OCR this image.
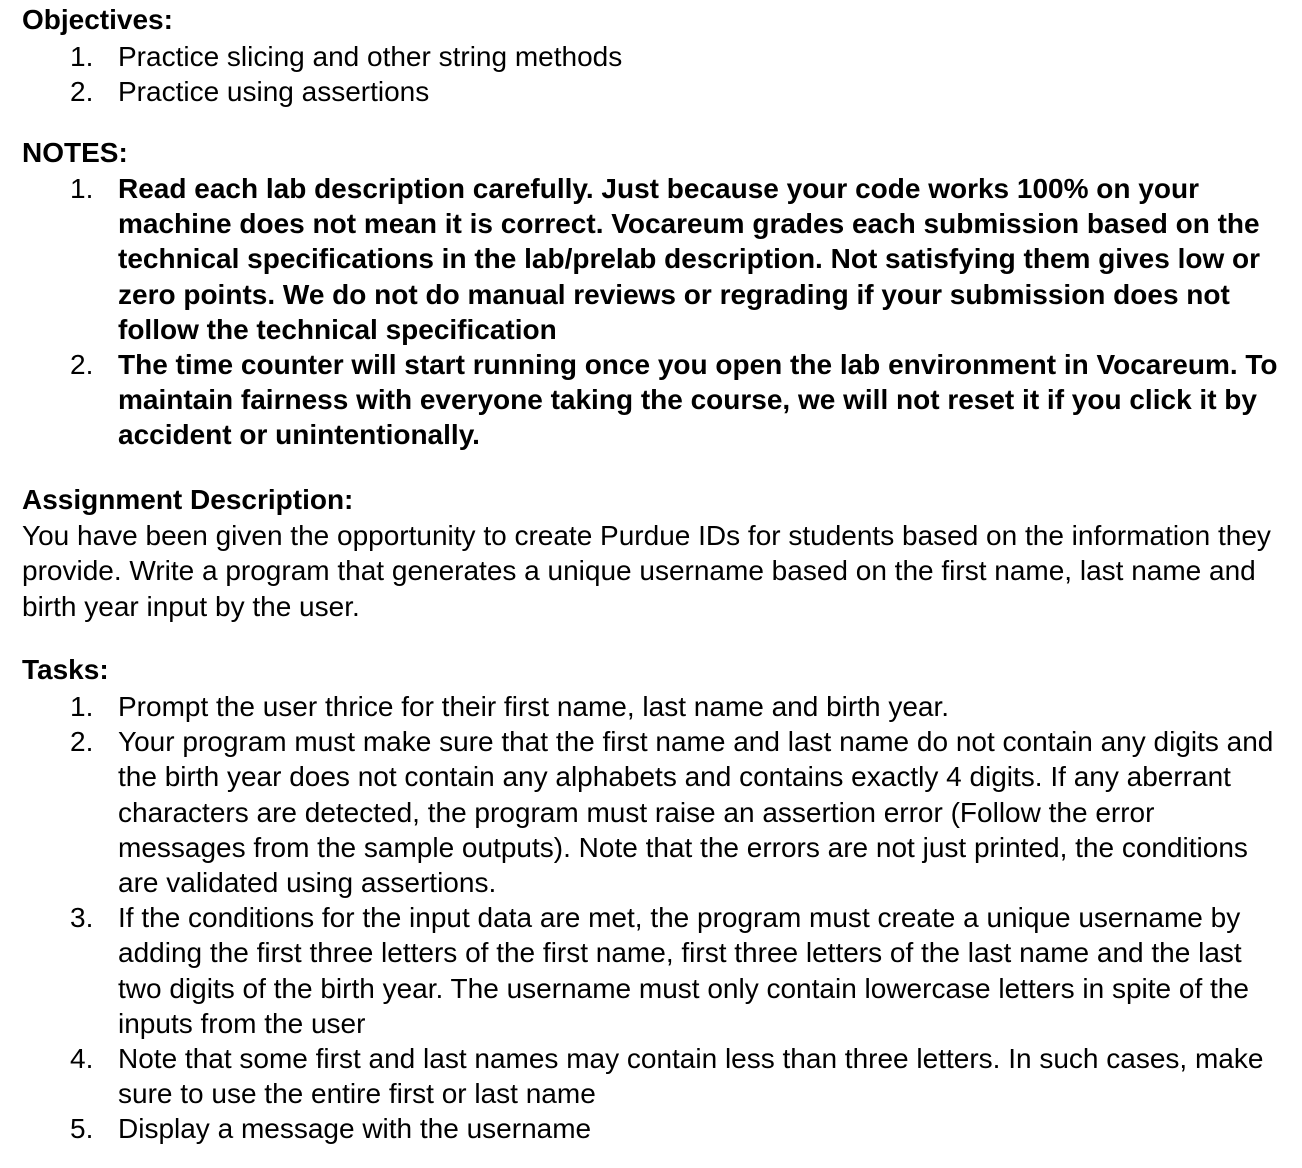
Objectives:
1. Practice slicing and other string methods
2. Practice using assertions
NOTES:
1. Read each lab description carefully. Just because your code works 100% on your machine does not mean it is correct. Vocareum grades each submission based on the technical specifications in the lab/prelab description. Not satisfying them gives low or zero points. We do not do manual reviews or regrading if your submission does not follow the technical specification
2. The time counter will start running once you open the lab environment in Vocareum. To maintain fairness with everyone taking the course, we will not reset it if you click it by accident or unintentionally.
Assignment Description:

You have been given the opportunity to create Purdue IDs for students based on the information they provide. Write a program that generates a unique username based on the first name, last name and birth year input by the user.

Tasks:
1. Prompt the user thrice for their first name, last name and birth year.
2. Your program must make sure that the first name and last name do not contain any digits and the birth year does not contain any alphabets and contains exactly 4 digits. If any aberrant characters are detected, the program must raise an assertion error (Follow the error messages from the sample outputs). Note that the errors are not just printed, the conditions are validated using assertions.
3. If the conditions for the input data are met, the program must create a unique username by adding the first three letters of the first name, first three letters of the last name and the last two digits of the birth year. The username must only contain lowercase letters in spite of the inputs from the user
4. Note that some first and last names may contain less than three letters. In such cases, make sure to use the entire first or last name
5. Display a message with the username
